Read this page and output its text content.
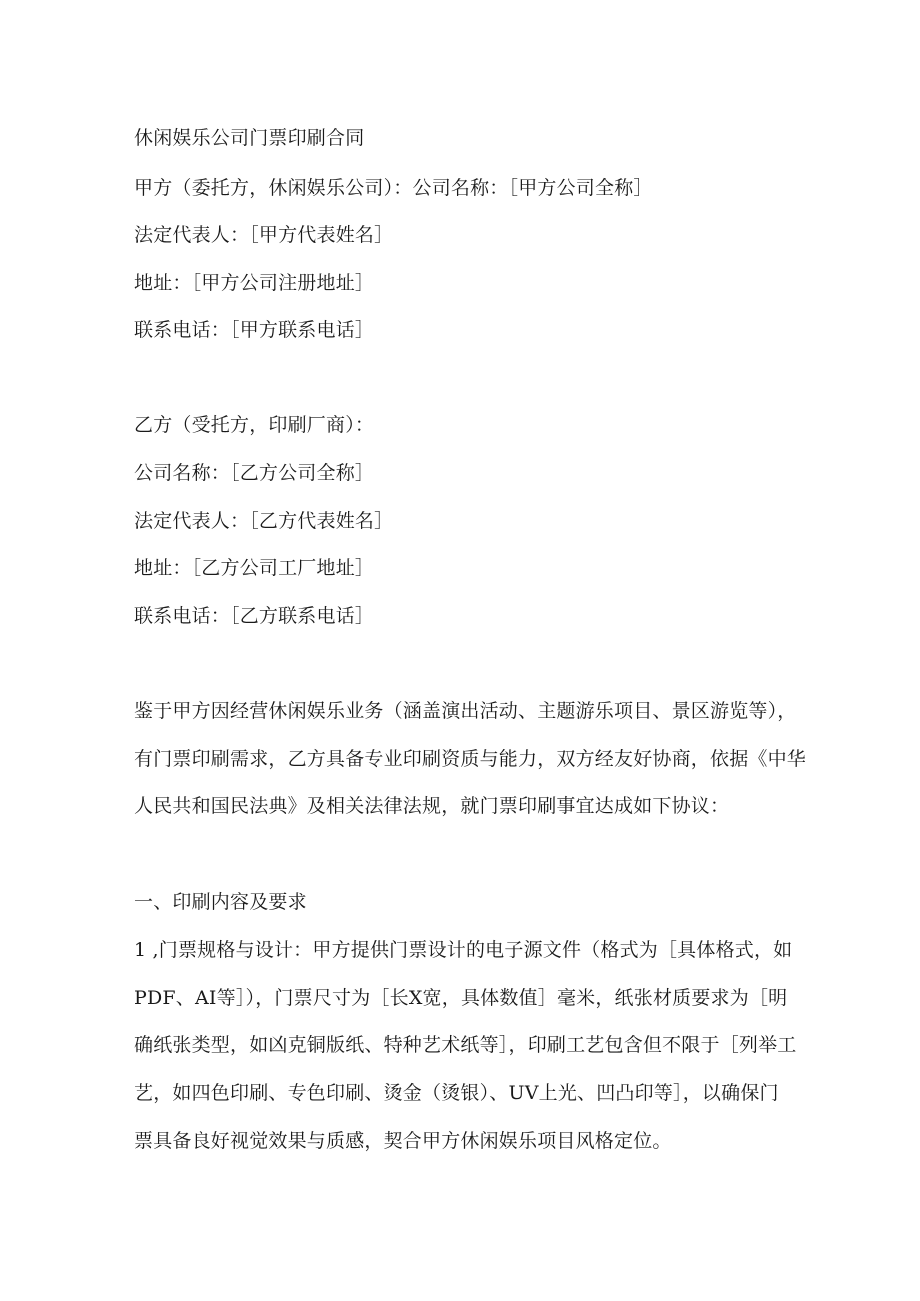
休闲娱乐公司门票印刷合同
甲方（委托方，休闲娱乐公司）：公司名称：［甲方公司全称］
法定代表人：［甲方代表姓名］
地址：［甲方公司注册地址］
联系电话：［甲方联系电话］
乙方（受托方，印刷厂商）：
公司名称：［乙方公司全称］
法定代表人：［乙方代表姓名］
地址：［乙方公司工厂地址］
联系电话：［乙方联系电话］
鉴于甲方因经营休闲娱乐业务（涵盖演出活动、主题游乐项目、景区游览等），
有门票印刷需求，乙方具备专业印刷资质与能力，双方经友好协商，依据《中华
人民共和国民法典》及相关法律法规，就门票印刷事宜达成如下协议：
一、印刷内容及要求
1 ,门票规格与设计：甲方提供门票设计的电子源文件（格式为［具体格式，如
PDF、AI等］），门票尺寸为［长X宽，具体数值］毫米，纸张材质要求为［明
确纸张类型，如凶克铜版纸、特种艺术纸等］，印刷工艺包含但不限于［列举工
艺，如四色印刷、专色印刷、烫金（烫银）、UV上光、凹凸印等］，以确保门
票具备良好视觉效果与质感，契合甲方休闲娱乐项目风格定位。
